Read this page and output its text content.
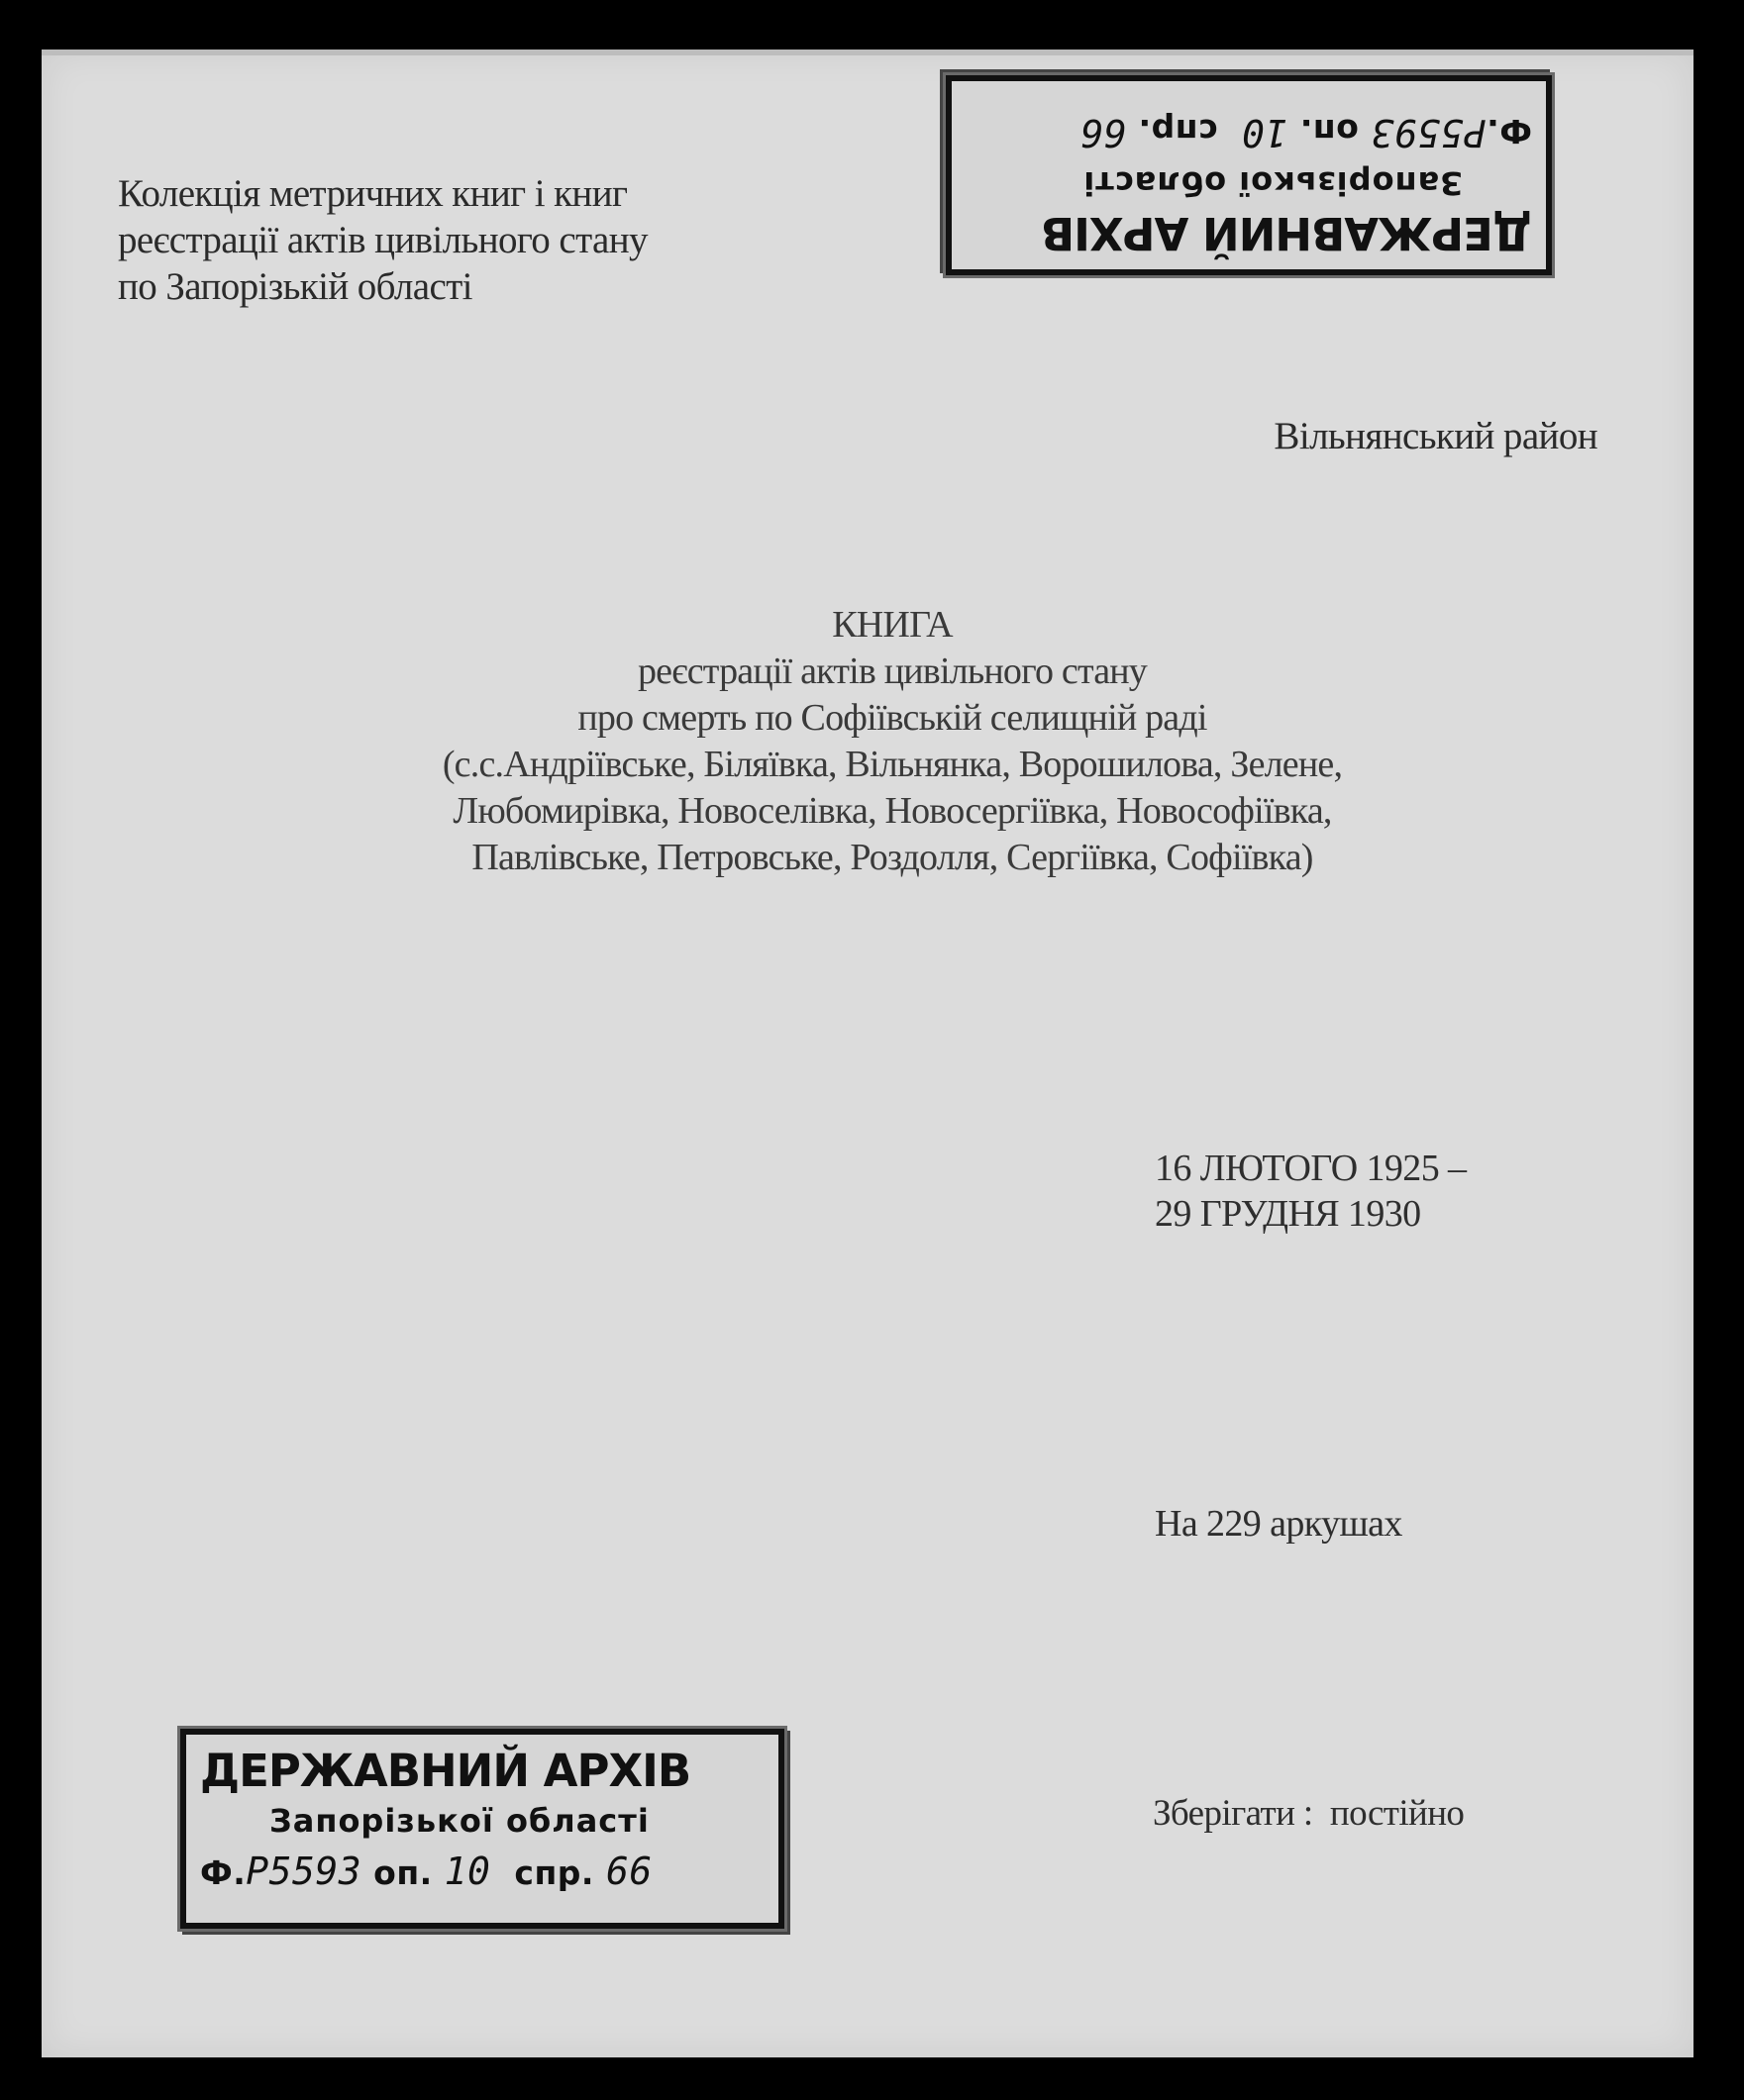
ДЕРЖАВНИЙ АРХІВ
Запорізької області
Ф.Р5593 оп. 10  спр. 66
Колекція метричних книг і книг
реєстрації актів цивільного стану
по Запорізькій області
Вільнянський район
КНИГА
реєстрації актів цивільного стану
про смерть по Софіївській селищній раді
(с.с.Андріївське, Біляївка, Вільнянка, Ворошилова, Зелене,
Любомирівка, Новоселівка, Новосергіївка, Новософіївка,
Павлівське, Петровське, Роздолля, Сергіївка, Софіївка)
16 ЛЮТОГО 1925 –
29 ГРУДНЯ 1930
На 229 аркушах
Зберігати :  постійно
ДЕРЖАВНИЙ АРХІВ
Запорізької області
Ф.Р5593 оп. 10 спр. 66
